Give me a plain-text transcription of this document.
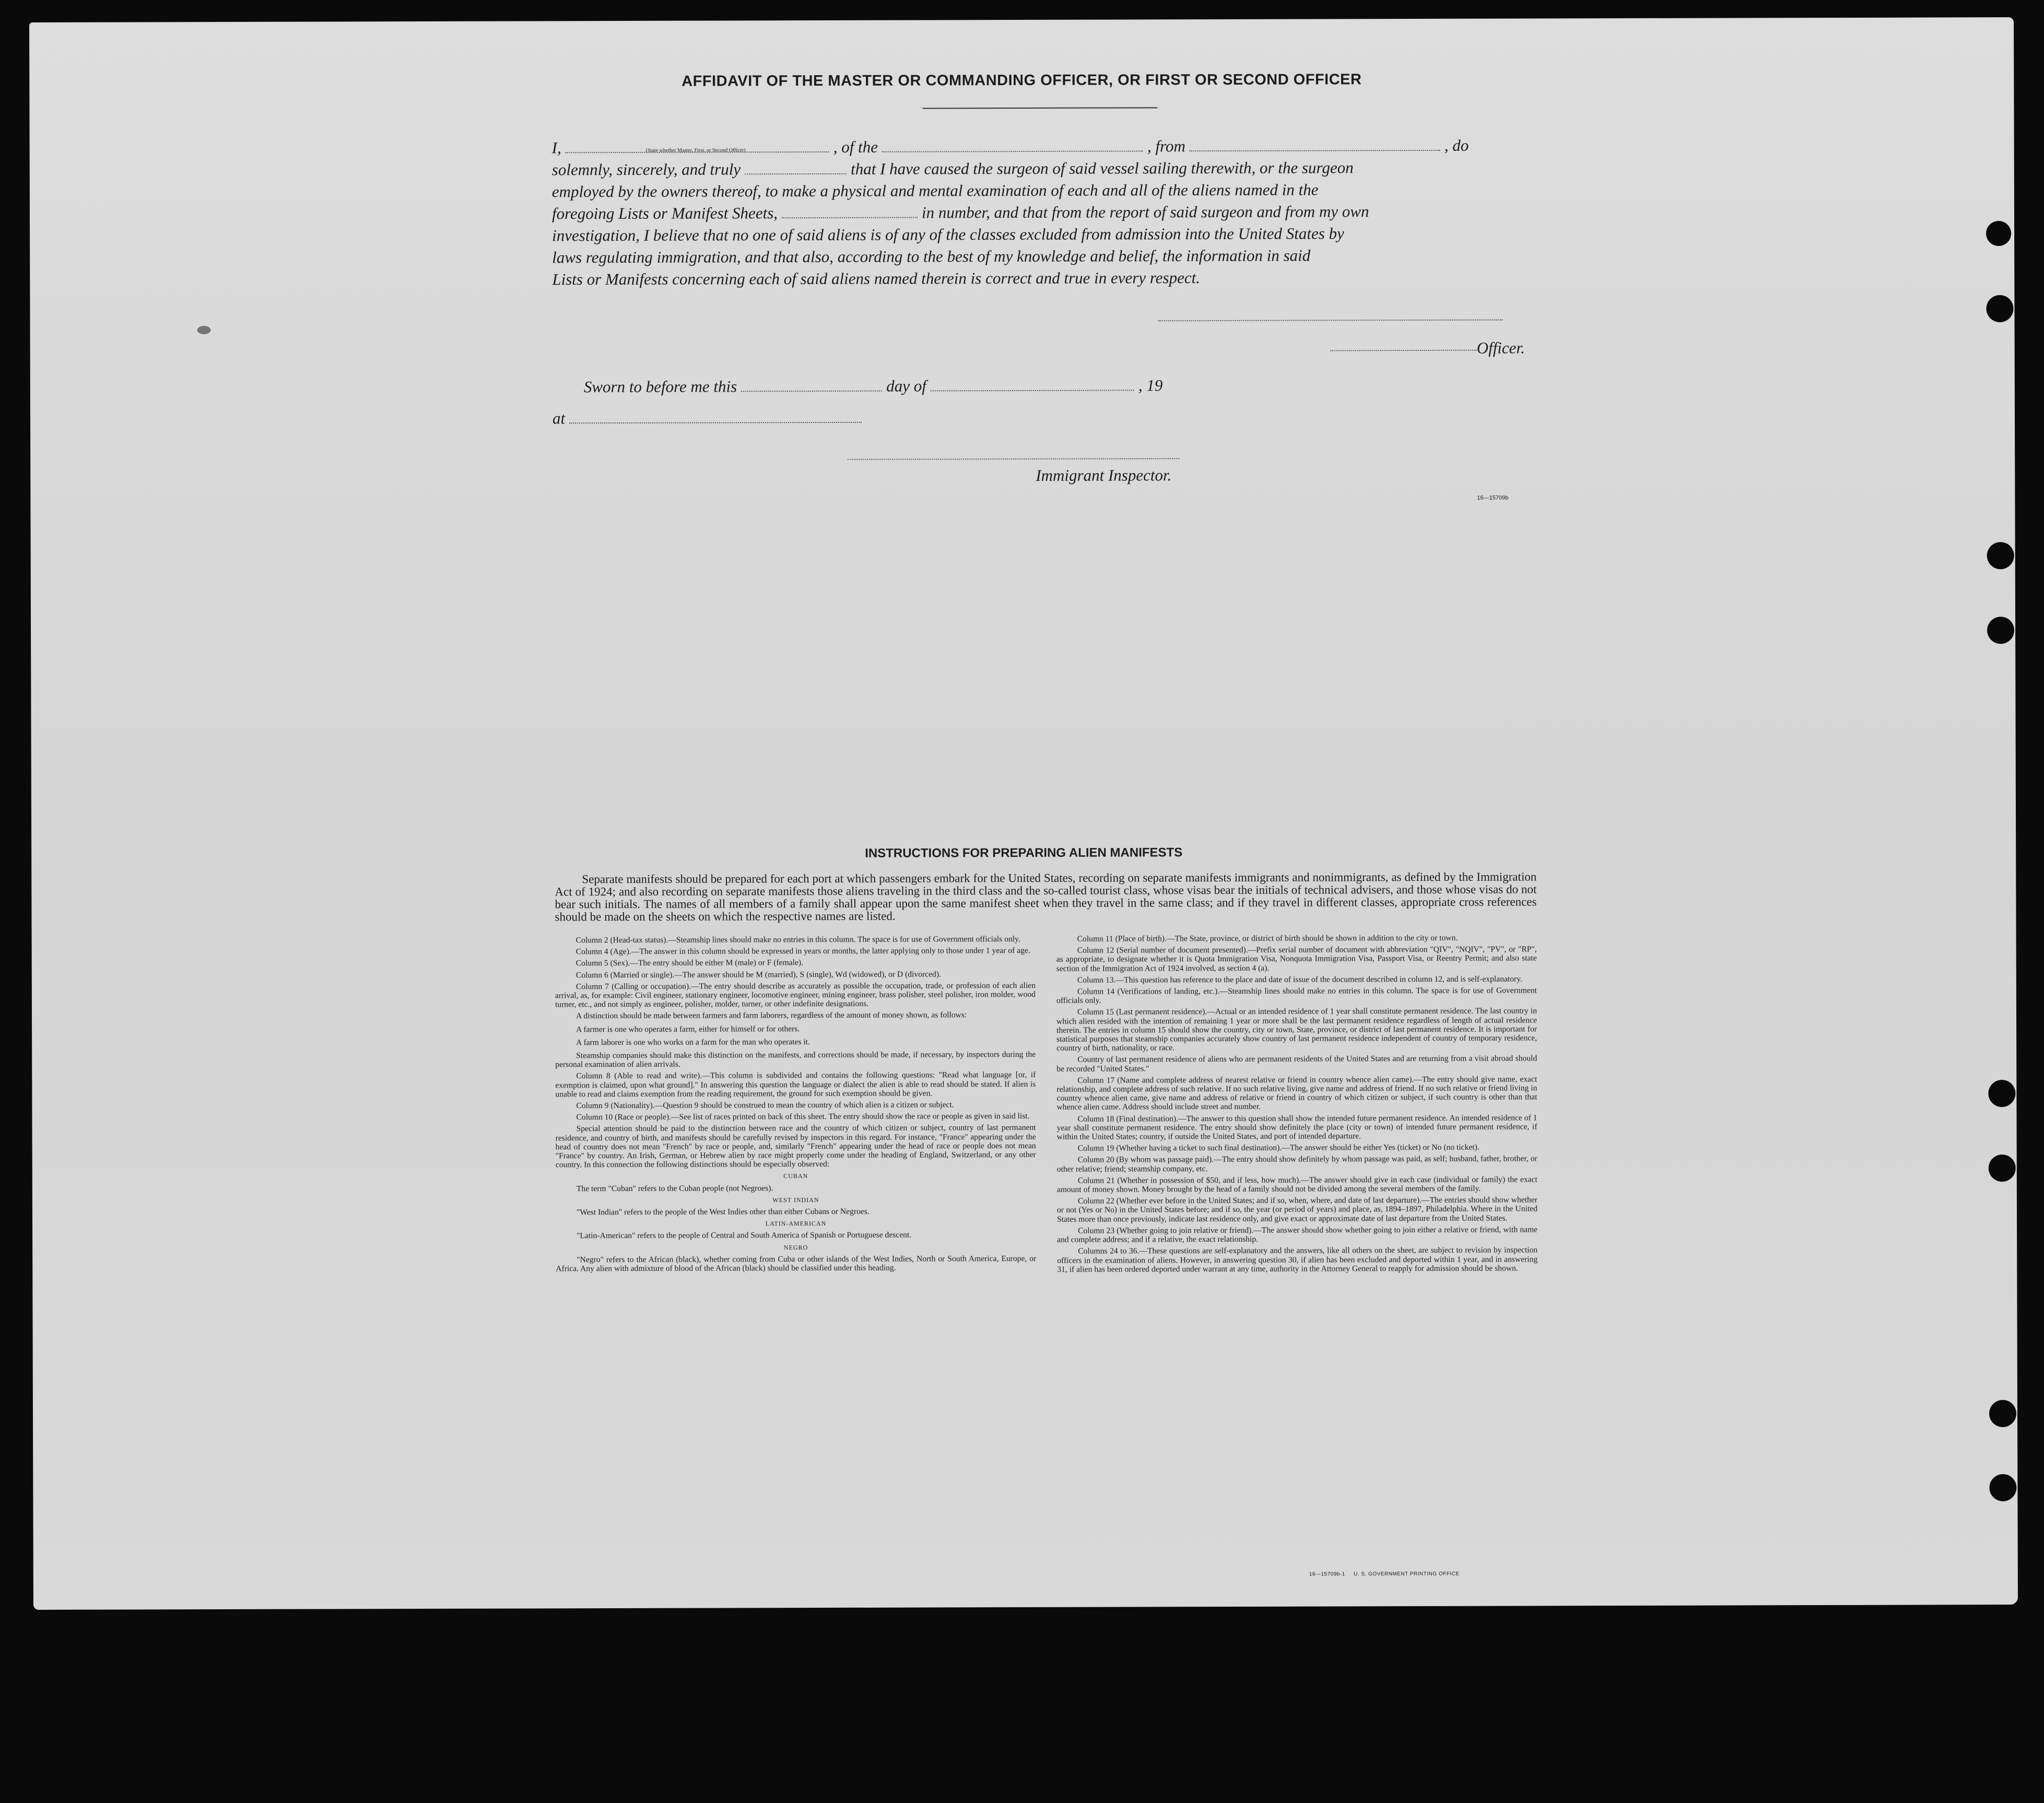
AFFIDAVIT OF THE MASTER OR COMMANDING OFFICER, OR FIRST OR SECOND OFFICER
I,	, of the	, from	, do
(State whether Master, First, or Second Officer)
solemnly, sincerely, and truly	that I have caused the surgeon of said vessel sailing therewith, or the surgeon
employed by the owners thereof, to make a physical and mental examination of each and all of the aliens named in the
foregoing Lists or Manifest Sheets,	in number, and that from the report of said surgeon and from my own
investigation, I believe that no one of said aliens is of any of the classes excluded from admission into the United States by
laws regulating immigration, and that also, according to the best of my knowledge and belief, the information in said
Lists or Manifests concerning each of said aliens named therein is correct and true in every respect.
Officer.
Sworn to before me this	day of	, 19
at
Immigrant Inspector.
16—15709b
INSTRUCTIONS FOR PREPARING ALIEN MANIFESTS
Separate manifests should be prepared for each port at which passengers embark for the United States, recording on separate manifests immigrants and nonimmigrants, as defined by the Immigration Act of 1924; and also recording on separate manifests those aliens traveling in the third class and the so-called tourist class, whose visas bear the initials of technical advisers, and those whose visas do not bear such initials. The names of all members of a family shall appear upon the same manifest sheet when they travel in the same class; and if they travel in different classes, appropriate cross references should be made on the sheets on which the respective names are listed.

Column 2 (Head-tax status).—Steamship lines should make no entries in this column. The space is for use of Government officials only.

Column 4 (Age).—The answer in this column should be expressed in years or months, the latter applying only to those under 1 year of age.

Column 5 (Sex).—The entry should be either M (male) or F (female).

Column 6 (Married or single).—The answer should be M (married), S (single), Wd (widowed), or D (divorced).

Column 7 (Calling or occupation).—The entry should describe as accurately as possible the occupation, trade, or profession of each alien arrival, as, for example: Civil engineer, stationary engineer, locomotive engineer, mining engineer, brass polisher, steel polisher, iron molder, wood turner, etc., and not simply as engineer, polisher, molder, turner, or other indefinite designations.

A distinction should be made between farmers and farm laborers, regardless of the amount of money shown, as follows:

A farmer is one who operates a farm, either for himself or for others.

A farm laborer is one who works on a farm for the man who operates it.

Steamship companies should make this distinction on the manifests, and corrections should be made, if necessary, by inspectors during the personal examination of alien arrivals.

Column 8 (Able to read and write).—This column is subdivided and contains the following questions: "Read what language [or, if exemption is claimed, upon what ground]." In answering this question the language or dialect the alien is able to read should be stated. If alien is unable to read and claims exemption from the reading requirement, the ground for such exemption should be given.

Column 9 (Nationality).—Question 9 should be construed to mean the country of which alien is a citizen or subject.

Column 10 (Race or people).—See list of races printed on back of this sheet. The entry should show the race or people as given in said list.

Special attention should be paid to the distinction between race and the country of which citizen or subject, country of last permanent residence, and country of birth, and manifests should be carefully revised by inspectors in this regard. For instance, "France" appearing under the head of country does not mean "French" by race or people, and, similarly "French" appearing under the head of race or people does not mean "France" by country. An Irish, German, or Hebrew alien by race might properly come under the heading of England, Switzerland, or any other country. In this connection the following distinctions should be especially observed:

CUBAN

The term "Cuban" refers to the Cuban people (not Negroes).

WEST INDIAN

"West Indian" refers to the people of the West Indies other than either Cubans or Negroes.

LATIN-AMERICAN

"Latin-American" refers to the people of Central and South America of Spanish or Portuguese descent.

NEGRO

"Negro" refers to the African (black), whether coming from Cuba or other islands of the West Indies, North or South America, Europe, or Africa. Any alien with admixture of blood of the African (black) should be classified under this heading.

Column 11 (Place of birth).—The State, province, or district of birth should be shown in addition to the city or town.

Column 12 (Serial number of document presented).—Prefix serial number of document with abbreviation "QIV", "NQIV", "PV", or "RP", as appropriate, to designate whether it is Quota Immigration Visa, Nonquota Immigration Visa, Passport Visa, or Reentry Permit; and also state section of the Immigration Act of 1924 involved, as section 4 (a).

Column 13.—This question has reference to the place and date of issue of the document described in column 12, and is self-explanatory.

Column 14 (Verifications of landing, etc.).—Steamship lines should make no entries in this column. The space is for use of Government officials only.

Column 15 (Last permanent residence).—Actual or an intended residence of 1 year shall constitute permanent residence. The last country in which alien resided with the intention of remaining 1 year or more shall be the last permanent residence regardless of length of actual residence therein. The entries in column 15 should show the country, city or town, State, province, or district of last permanent residence. It is important for statistical purposes that steamship companies accurately show country of last permanent residence independent of country of temporary residence, country of birth, nationality, or race.

Country of last permanent residence of aliens who are permanent residents of the United States and are returning from a visit abroad should be recorded "United States."

Column 17 (Name and complete address of nearest relative or friend in country whence alien came).—The entry should give name, exact relationship, and complete address of such relative. If no such relative living, give name and address of friend. If no such relative or friend living in country whence alien came, give name and address of relative or friend in country of which citizen or subject, if such country is other than that whence alien came. Address should include street and number.

Column 18 (Final destination).—The answer to this question shall show the intended future permanent residence. An intended residence of 1 year shall constitute permanent residence. The entry should show definitely the place (city or town) of intended future permanent residence, if within the United States; country, if outside the United States, and port of intended departure.

Column 19 (Whether having a ticket to such final destination).—The answer should be either Yes (ticket) or No (no ticket).

Column 20 (By whom was passage paid).—The entry should show definitely by whom passage was paid, as self; husband, father, brother, or other relative; friend; steamship company, etc.

Column 21 (Whether in possession of $50, and if less, how much).—The answer should give in each case (individual or family) the exact amount of money shown. Money brought by the head of a family should not be divided among the several members of the family.

Column 22 (Whether ever before in the United States; and if so, when, where, and date of last departure).—The entries should show whether or not (Yes or No) in the United States before; and if so, the year (or period of years) and place, as, 1894–1897, Philadelphia. Where in the United States more than once previously, indicate last residence only, and give exact or approximate date of last departure from the United States.

Column 23 (Whether going to join relative or friend).—The answer should show whether going to join either a relative or friend, with name and complete address; and if a relative, the exact relationship.

Columns 24 to 36.—These questions are self-explanatory and the answers, like all others on the sheet, are subject to revision by inspection officers in the examination of aliens. However, in answering question 30, if alien has been excluded and deported within 1 year, and in answering 31, if alien has been ordered deported under warrant at any time, authority in the Attorney General to reapply for admission should be shown.

16—15709b-1 U. S. GOVERNMENT PRINTING OFFICE
